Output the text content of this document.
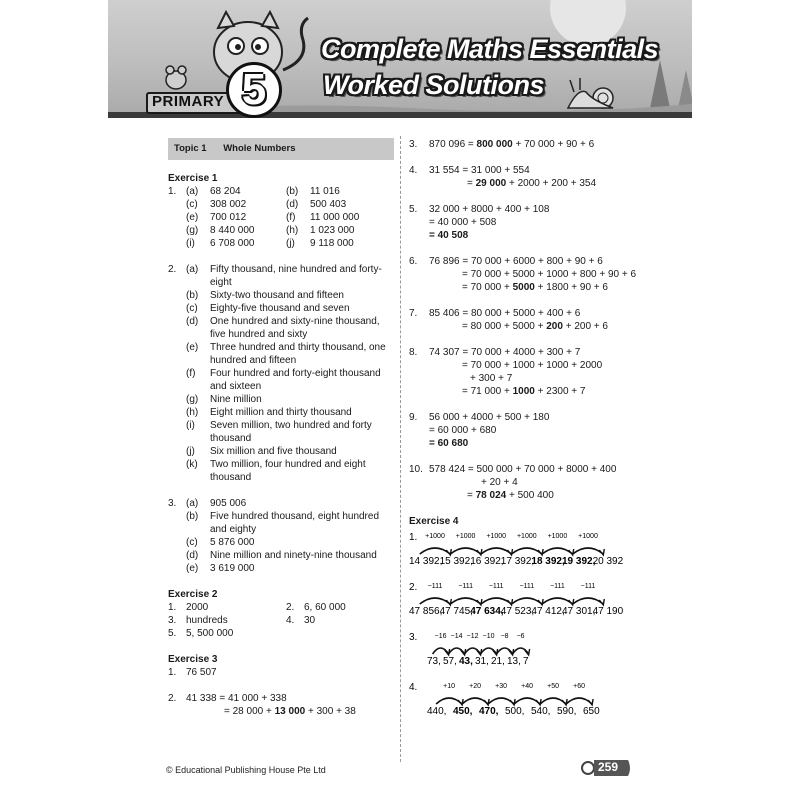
PRIMARY 5
Complete Maths Essentials
Worked Solutions
Topic 1 Whole Numbers
Exercise 1
1. (a)	68 204	(b)	11 016
(c)	308 002	(d)	500 403
(e)	700 012	(f)	11 000 000
(g)	8 440 000	(h)	1 023 000
(i)	6 708 000	(j)	9 118 000
2. (a)	Fifty thousand, nine hundred and forty-eight
(b)	Sixty-two thousand and fifteen
(c)	Eighty-five thousand and seven
(d)	One hundred and sixty-nine thousand, five hundred and sixty
(e)	Three hundred and thirty thousand, one hundred and fifteen
(f)	Four hundred and forty-eight thousand and sixteen
(g)	Nine million
(h)	Eight million and thirty thousand
(i)	Seven million, two hundred and forty thousand
(j)	Six million and five thousand
(k)	Two million, four hundred and eight thousand
3. (a)	905 006
(b)	Five hundred thousand, eight hundred and eighty
(c)	5 876 000
(d)	Nine million and ninety-nine thousand
(e)	3 619 000
Exercise 2
1. 2000	2. 6, 60 000
3. hundreds	4. 30
5. 5, 500 000
Exercise 3
1. 76 507
2. 41 338 = 41 000 + 338
= 28 000 + 13 000 + 300 + 38
3.	870 096 = 800 000 + 70 000 + 90 + 6
4.	31 554 = 31 000 + 554
= 29 000 + 2000 + 200 + 354
5.	32 000 + 8000 + 400 + 108
= 40 000 + 508
= 40 508
6.	76 896 = 70 000 + 6000 + 800 + 90 + 6
= 70 000 + 5000 + 1000 + 800 + 90 + 6
= 70 000 + 5000 + 1800 + 90 + 6
7.	85 406 = 80 000 + 5000 + 400 + 6
= 80 000 + 5000 + 200 + 200 + 6
8.	74 307 = 70 000 + 4000 + 300 + 7
= 70 000 + 1000 + 1000 + 2000
+ 300 + 7
= 71 000 + 1000 + 2300 + 7
9.	56 000 + 4000 + 500 + 180
= 60 000 + 680
= 60 680
10. 578 424 = 500 000 + 70 000 + 8000 + 400
+ 20 + 4
= 78 024 + 500 400
Exercise 4
1.
14 392,
15 392,
16 392,
17 392,
18 392,
19 392,
20 392
+1000 +1000 +1000 +1000 +1000 +1000
2.
47 856,
47 745,
47 634,
47 523,
47 412,
47 301,
47 190
−111 −111 −111 −111 −111 −111
3.
73, 57, 43, 31, 21, 13, 7
−16 −14 −12 −10 −8 −6
4.
440, 450, 470, 500, 540, 590, 650
+10 +20 +30 +40 +50 +60
© Educational Publishing House Pte Ltd	259
